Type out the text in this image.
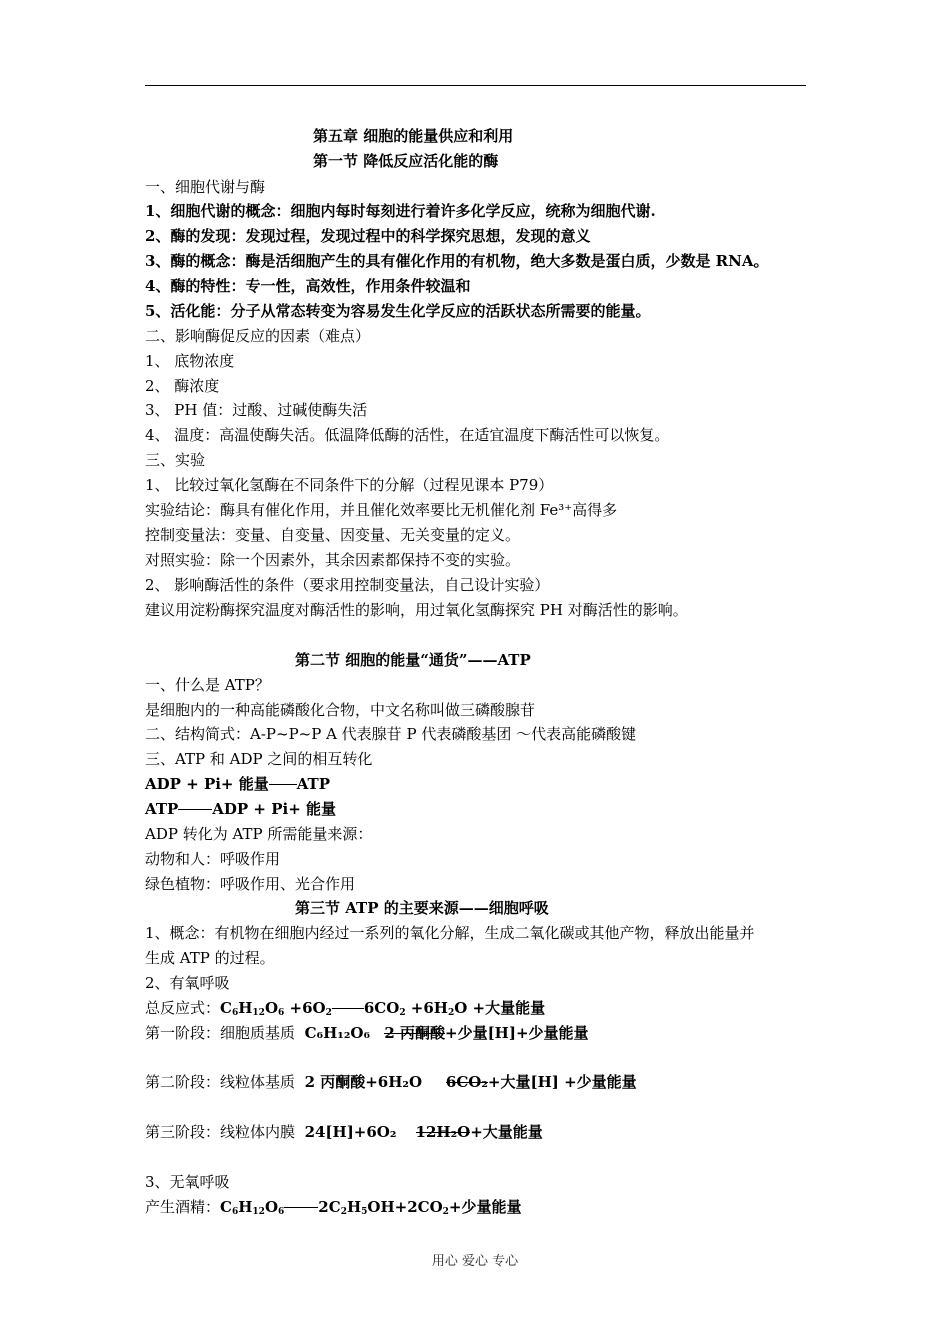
第五章 细胞的能量供应和利用
第一节 降低反应活化能的酶
一、细胞代谢与酶
1、细胞代谢的概念：细胞内每时每刻进行着许多化学反应，统称为细胞代谢.
2、酶的发现：发现过程，发现过程中的科学探究思想，发现的意义
3、酶的概念：酶是活细胞产生的具有催化作用的有机物，绝大多数是蛋白质，少数是 RNA。
4、酶的特性：专一性，高效性，作用条件较温和
5、活化能：分子从常态转变为容易发生化学反应的活跃状态所需要的能量。
二、影响酶促反应的因素（难点）
1、 底物浓度
2、 酶浓度
3、 PH 值：过酸、过碱使酶失活
4、 温度：高温使酶失活。低温降低酶的活性，在适宜温度下酶活性可以恢复。
三、实验
1、 比较过氧化氢酶在不同条件下的分解（过程见课本 P79）
实验结论：酶具有催化作用，并且催化效率要比无机催化剂 Fe³⁺高得多
控制变量法：变量、自变量、因变量、无关变量的定义。
对照实验：除一个因素外，其余因素都保持不变的实验。
2、 影响酶活性的条件（要求用控制变量法，自己设计实验）
建议用淀粉酶探究温度对酶活性的影响，用过氧化氢酶探究 PH 对酶活性的影响。
第二节 细胞的能量“通货”——ATP
一、什么是 ATP？
是细胞内的一种高能磷酸化合物，中文名称叫做三磷酸腺苷
二、结构简式：A-P~P~P A 代表腺苷 P 代表磷酸基团 ～代表高能磷酸键
三、ATP 和 ADP 之间的相互转化
ADP + Pi+ 能量 ATP
ATP ADP + Pi+ 能量
ADP 转化为 ATP 所需能量来源：
动物和人：呼吸作用
绿色植物：呼吸作用、光合作用
第三节 ATP 的主要来源——细胞呼吸
1、概念：有机物在细胞内经过一系列的氧化分解，生成二氧化碳或其他产物，释放出能量并
生成 ATP 的过程。
2、有氧呼吸
总反应式：$C_6H_{12}O_6 +6O_2$ $6CO_2 +6H_2O$ +大量能量
第一阶段：细胞质基质 C₆H₁₂O₆ 2 丙酮酸+少量[H]+少量能量
第二阶段：线粒体基质 2 丙酮酸+6H₂O 6CO₂+大量[H] +少量能量
第三阶段：线粒体内膜 24[H]+6O₂ 12H₂O+大量能量
3、无氧呼吸
产生酒精：$C_6H_{12}O_6$ $2C_2H_5OH+2CO_2+$少量能量
用心 爱心 专心
